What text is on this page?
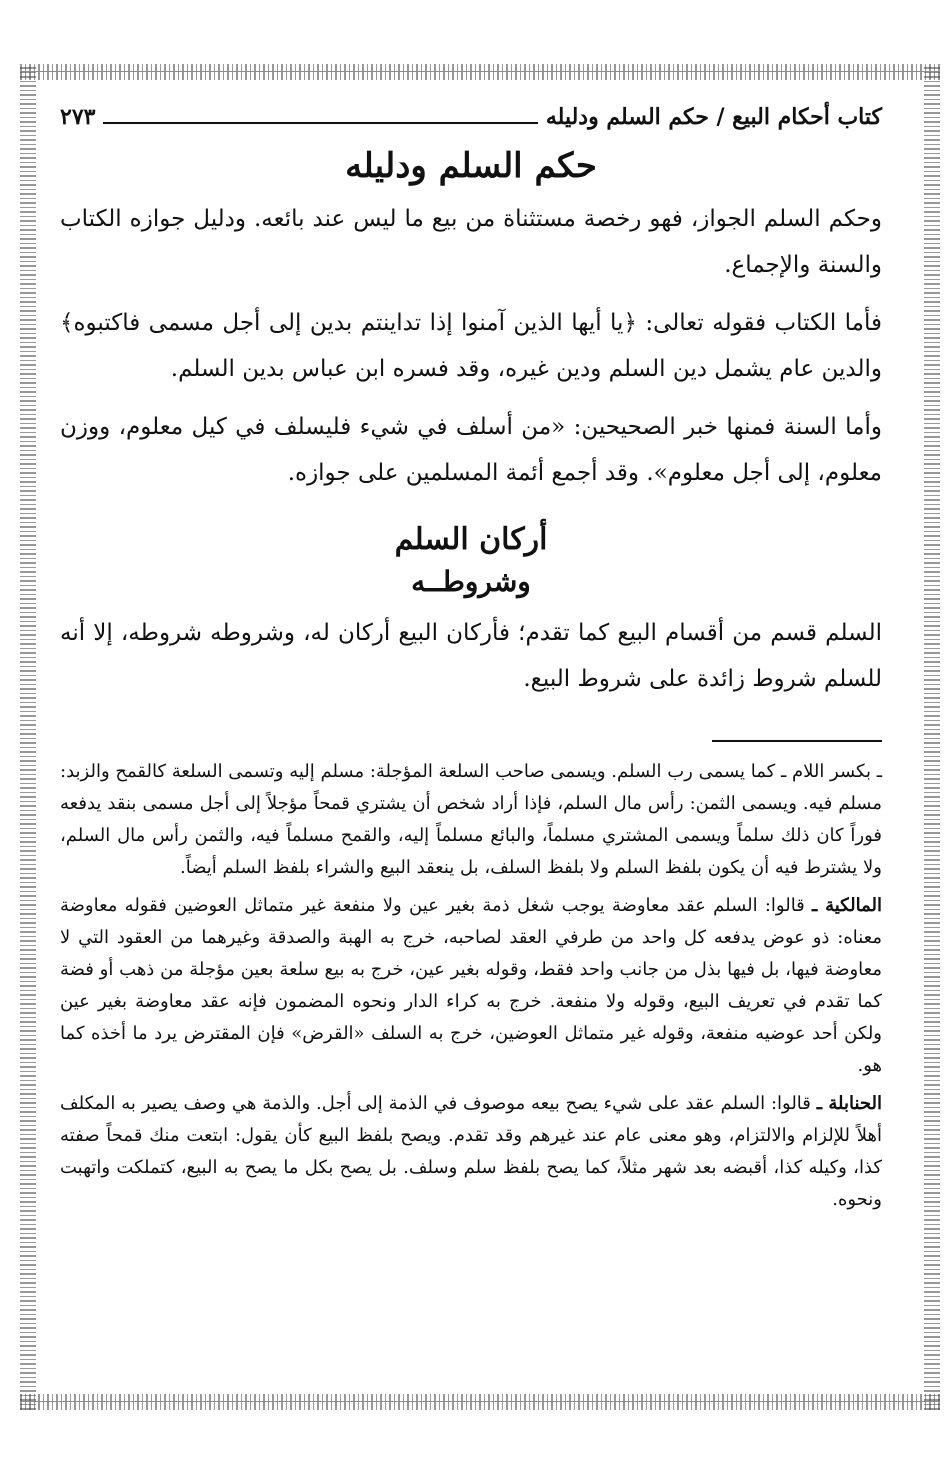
كتاب أحكام البيع / حكم السلم ودليله
٢٧٣
حكم السلم ودليله

وحكم السلم الجواز، فهو رخصة مستثناة من بيع ما ليس عند بائعه. ودليل جوازه الكتاب والسنة والإجماع.

فأما الكتاب فقوله تعالى: ﴿يا أيها الذين آمنوا إذا تداينتم بدين إلى أجل مسمى فاكتبوه﴾ والدين عام يشمل دين السلم ودين غيره، وقد فسره ابن عباس بدين السلم.

وأما السنة فمنها خبر الصحيحين: «من أسلف في شيء فليسلف في كيل معلوم، ووزن معلوم، إلى أجل معلوم». وقد أجمع أئمة المسلمين على جوازه.

أركان السلم
وشروطــه

السلم قسم من أقسام البيع كما تقدم؛ فأركان البيع أركان له، وشروطه شروطه، إلا أنه للسلم شروط زائدة على شروط البيع.

ـ بكسر اللام ـ كما يسمى رب السلم. ويسمى صاحب السلعة المؤجلة: مسلم إليه وتسمى السلعة كالقمح والزبد: مسلم فيه. ويسمى الثمن: رأس مال السلم، فإذا أراد شخص أن يشتري قمحاً مؤجلاً إلى أجل مسمى بنقد يدفعه فوراً كان ذلك سلماً ويسمى المشتري مسلماً، والبائع مسلماً إليه، والقمح مسلماً فيه، والثمن رأس مال السلم، ولا يشترط فيه أن يكون بلفظ السلم ولا بلفظ السلف، بل ينعقد البيع والشراء بلفظ السلم أيضاً.

المالكية ـ قالوا: السلم عقد معاوضة يوجب شغل ذمة بغير عين ولا منفعة غير متماثل العوضين فقوله معاوضة معناه: ذو عوض يدفعه كل واحد من طرفي العقد لصاحبه، خرج به الهبة والصدقة وغيرهما من العقود التي لا معاوضة فيها، بل فيها بذل من جانب واحد فقط، وقوله بغير عين، خرج به بيع سلعة بعين مؤجلة من ذهب أو فضة كما تقدم في تعريف البيع، وقوله ولا منفعة. خرج به كراء الدار ونحوه المضمون فإنه عقد معاوضة بغير عين ولكن أحد عوضيه منفعة، وقوله غير متماثل العوضين، خرج به السلف «القرض» فإن المقترض يرد ما أخذه كما هو.

الحنابلة ـ قالوا: السلم عقد على شيء يصح بيعه موصوف في الذمة إلى أجل. والذمة هي وصف يصير به المكلف أهلاً للإلزام والالتزام، وهو معنى عام عند غيرهم وقد تقدم. ويصح بلفظ البيع كأن يقول: ابتعت منك قمحاً صفته كذا، وكيله كذا، أقبضه بعد شهر مثلاً، كما يصح بلفظ سلم وسلف. بل يصح بكل ما يصح به البيع، كتملكت واتهبت ونحوه.
